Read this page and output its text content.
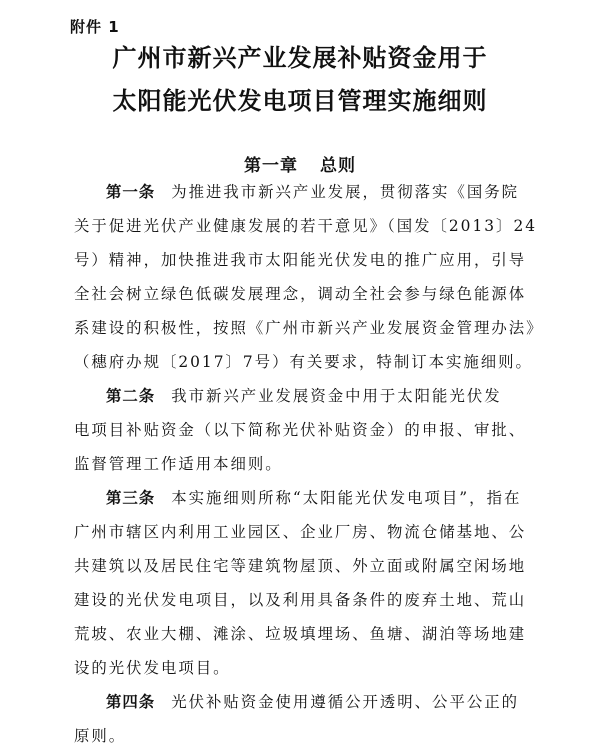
附件 1
广州市新兴产业发展补贴资金用于
太阳能光伏发电项目管理实施细则
第一章 总则
第一条 为推进我市新兴产业发展，贯彻落实《国务院
关于促进光伏产业健康发展的若干意见》（国发〔2013〕24
号）精神，加快推进我市太阳能光伏发电的推广应用，引导
全社会树立绿色低碳发展理念，调动全社会参与绿色能源体
系建设的积极性，按照《广州市新兴产业发展资金管理办法》
（穗府办规〔2017〕7号）有关要求，特制订本实施细则。
第二条 我市新兴产业发展资金中用于太阳能光伏发
电项目补贴资金（以下简称光伏补贴资金）的申报、审批、
监督管理工作适用本细则。
第三条 本实施细则所称“太阳能光伏发电项目”，指在
广州市辖区内利用工业园区、企业厂房、物流仓储基地、公
共建筑以及居民住宅等建筑物屋顶、外立面或附属空闲场地
建设的光伏发电项目，以及利用具备条件的废弃土地、荒山
荒坡、农业大棚、滩涂、垃圾填埋场、鱼塘、湖泊等场地建
设的光伏发电项目。
第四条 光伏补贴资金使用遵循公开透明、公平公正的
原则。
